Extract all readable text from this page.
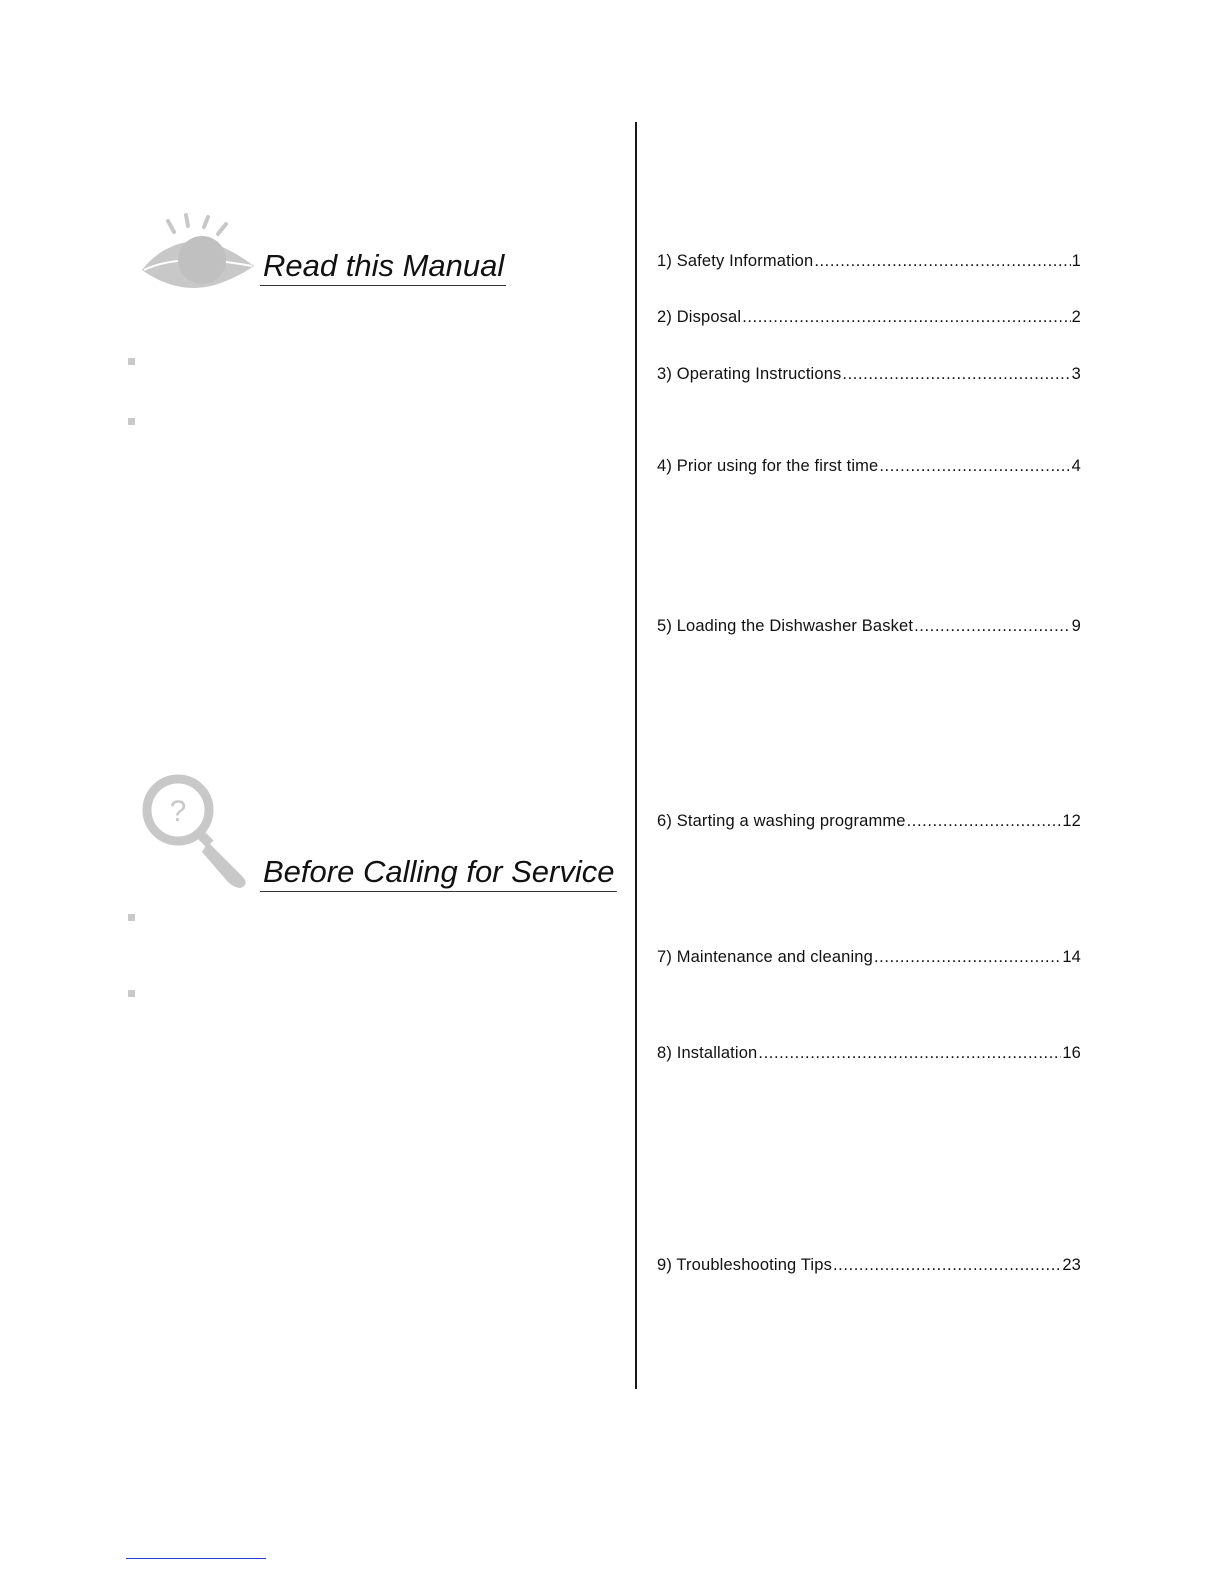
Read this Manual
?
Before Calling for Service
1) Safety Information .....	1
2) Disposal .....	2
3) Operating Instructions .....	3
4) Prior using for the first time .....	4
5) Loading the Dishwasher Basket .....	9
6) Starting a washing programme .....	12
7) Maintenance and cleaning .....	14
8) Installation .....	16
9) Troubleshooting Tips .....	23
